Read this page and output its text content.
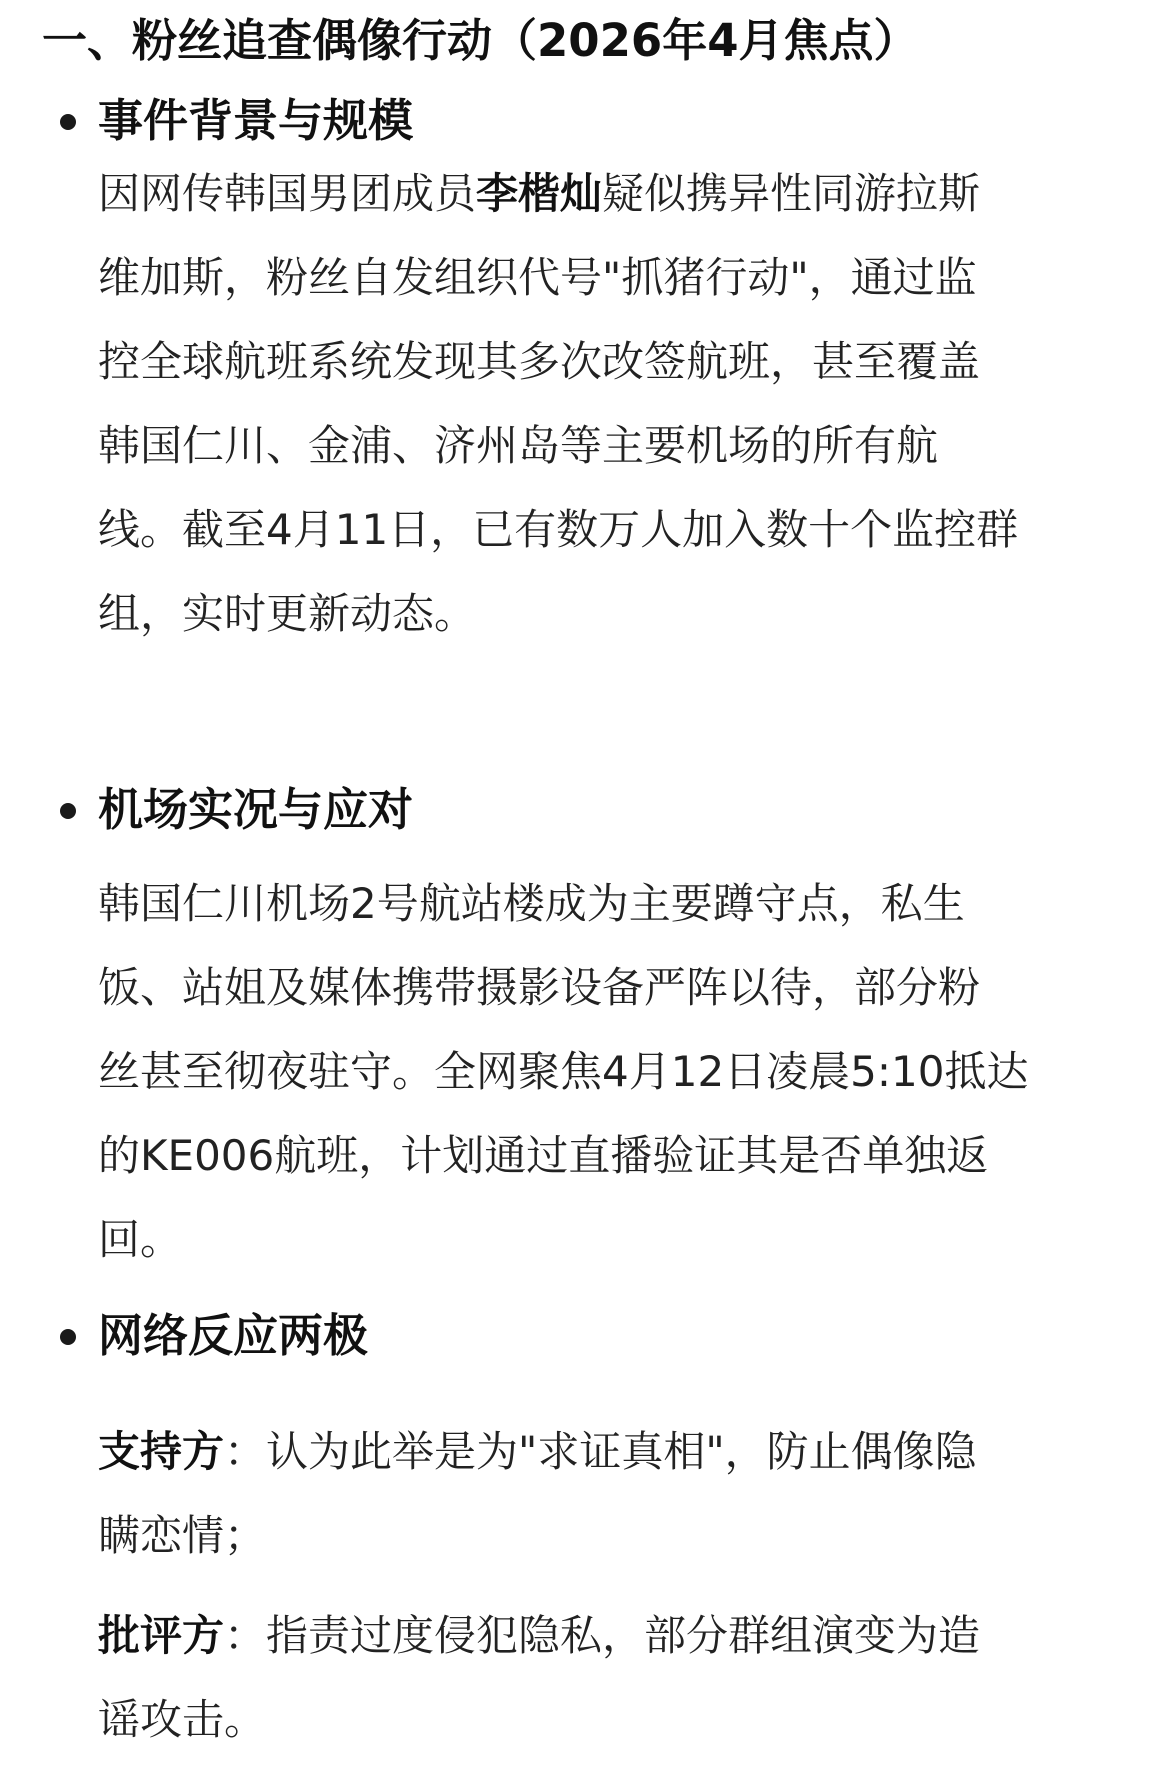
一、粉丝追查偶像行动（2026年4月焦点）
事件背景与规模
因网传韩国男团成员李楷灿疑似携异性同游拉斯
维加斯，粉丝自发组织代号"抓猪行动"，通过监
控全球航班系统发现其多次改签航班，甚至覆盖
韩国仁川、金浦、济州岛等主要机场的所有航
线。截至4月11日，已有数万人加入数十个监控群
组，实时更新动态。
机场实况与应对
韩国仁川机场2号航站楼成为主要蹲守点，私生
饭、站姐及媒体携带摄影设备严阵以待，部分粉
丝甚至彻夜驻守。全网聚焦4月12日凌晨5:10抵达
的KE006航班，计划通过直播验证其是否单独返
回。
网络反应两极
支持方：认为此举是为"求证真相"，防止偶像隐
瞒恋情；
批评方：指责过度侵犯隐私，部分群组演变为造
谣攻击。
